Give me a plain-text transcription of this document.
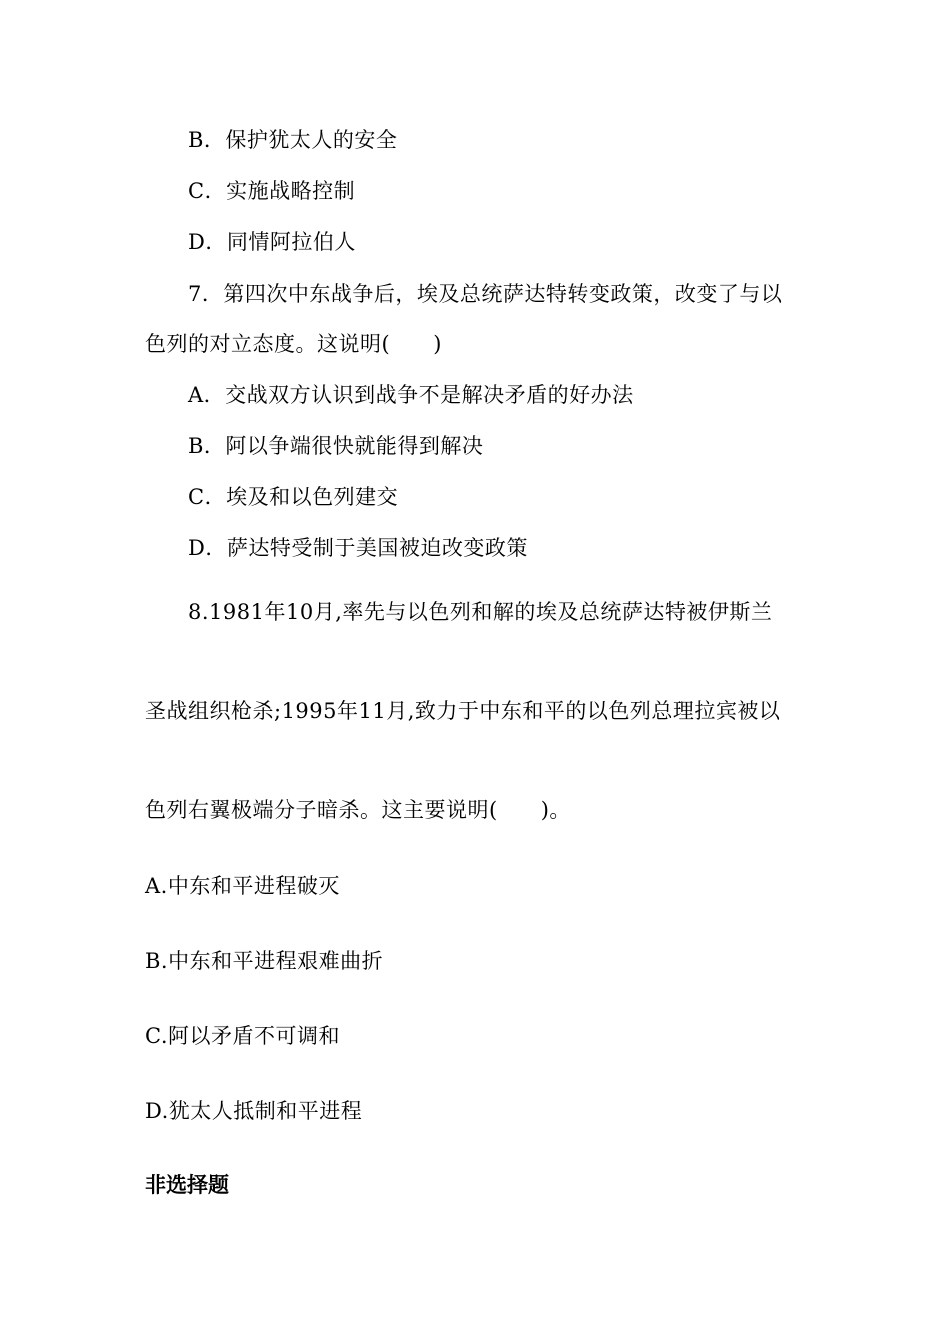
B．保护犹太人的安全
C．实施战略控制
D．同情阿拉伯人
7．第四次中东战争后，埃及总统萨达特转变政策，改变了与以
色列的对立态度。这说明(　　)
A．交战双方认识到战争不是解决矛盾的好办法
B．阿以争端很快就能得到解决
C．埃及和以色列建交
D．萨达特受制于美国被迫改变政策
8.1981年10月,率先与以色列和解的埃及总统萨达特被伊斯兰
圣战组织枪杀;1995年11月,致力于中东和平的以色列总理拉宾被以
色列右翼极端分子暗杀。这主要说明(　　)。
A.中东和平进程破灭
B.中东和平进程艰难曲折
C.阿以矛盾不可调和
D.犹太人抵制和平进程
非选择题
